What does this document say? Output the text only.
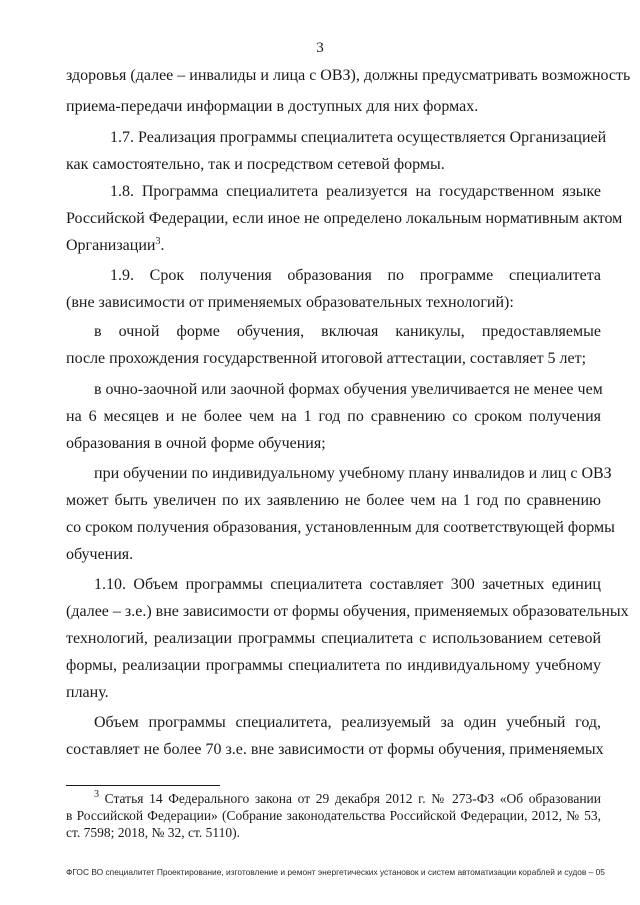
3
здоровья (далее – инвалиды и лица с ОВЗ), должны предусматривать возможность
приема-передачи информации в доступных для них формах.
1.7. Реализация программы специалитета осуществляется Организацией
как самостоятельно, так и посредством сетевой формы.
1.8. Программа специалитета реализуется на государственном языке
Российской Федерации, если иное не определено локальным нормативным актом
Организации$^3$.
1.9. Срок получения образования по программе специалитета
(вне зависимости от применяемых образовательных технологий):
в очной форме обучения, включая каникулы, предоставляемые
после прохождения государственной итоговой аттестации, составляет 5 лет;
в очно-заочной или заочной формах обучения увеличивается не менее чем
на 6 месяцев и не более чем на 1 год по сравнению со сроком получения
образования в очной форме обучения;
при обучении по индивидуальному учебному плану инвалидов и лиц с ОВЗ
может быть увеличен по их заявлению не более чем на 1 год по сравнению
со сроком получения образования, установленным для соответствующей формы
обучения.
1.10. Объем программы специалитета составляет 300 зачетных единиц
(далее – з.е.) вне зависимости от формы обучения, применяемых образовательных
технологий, реализации программы специалитета с использованием сетевой
формы, реализации программы специалитета по индивидуальному учебному
плану.
Объем программы специалитета, реализуемый за один учебный год,
составляет не более 70 з.е. вне зависимости от формы обучения, применяемых
$^3$ Статья 14 Федерального закона от 29 декабря 2012 г. № 273-ФЗ «Об образовании
в Российской Федерации» (Собрание законодательства Российской Федерации, 2012, № 53,
ст. 7598; 2018, № 32, ст. 5110).
ФГОС ВО специалитет Проектирование, изготовление и ремонт энергетических установок и систем автоматизации кораблей и судов – 05
